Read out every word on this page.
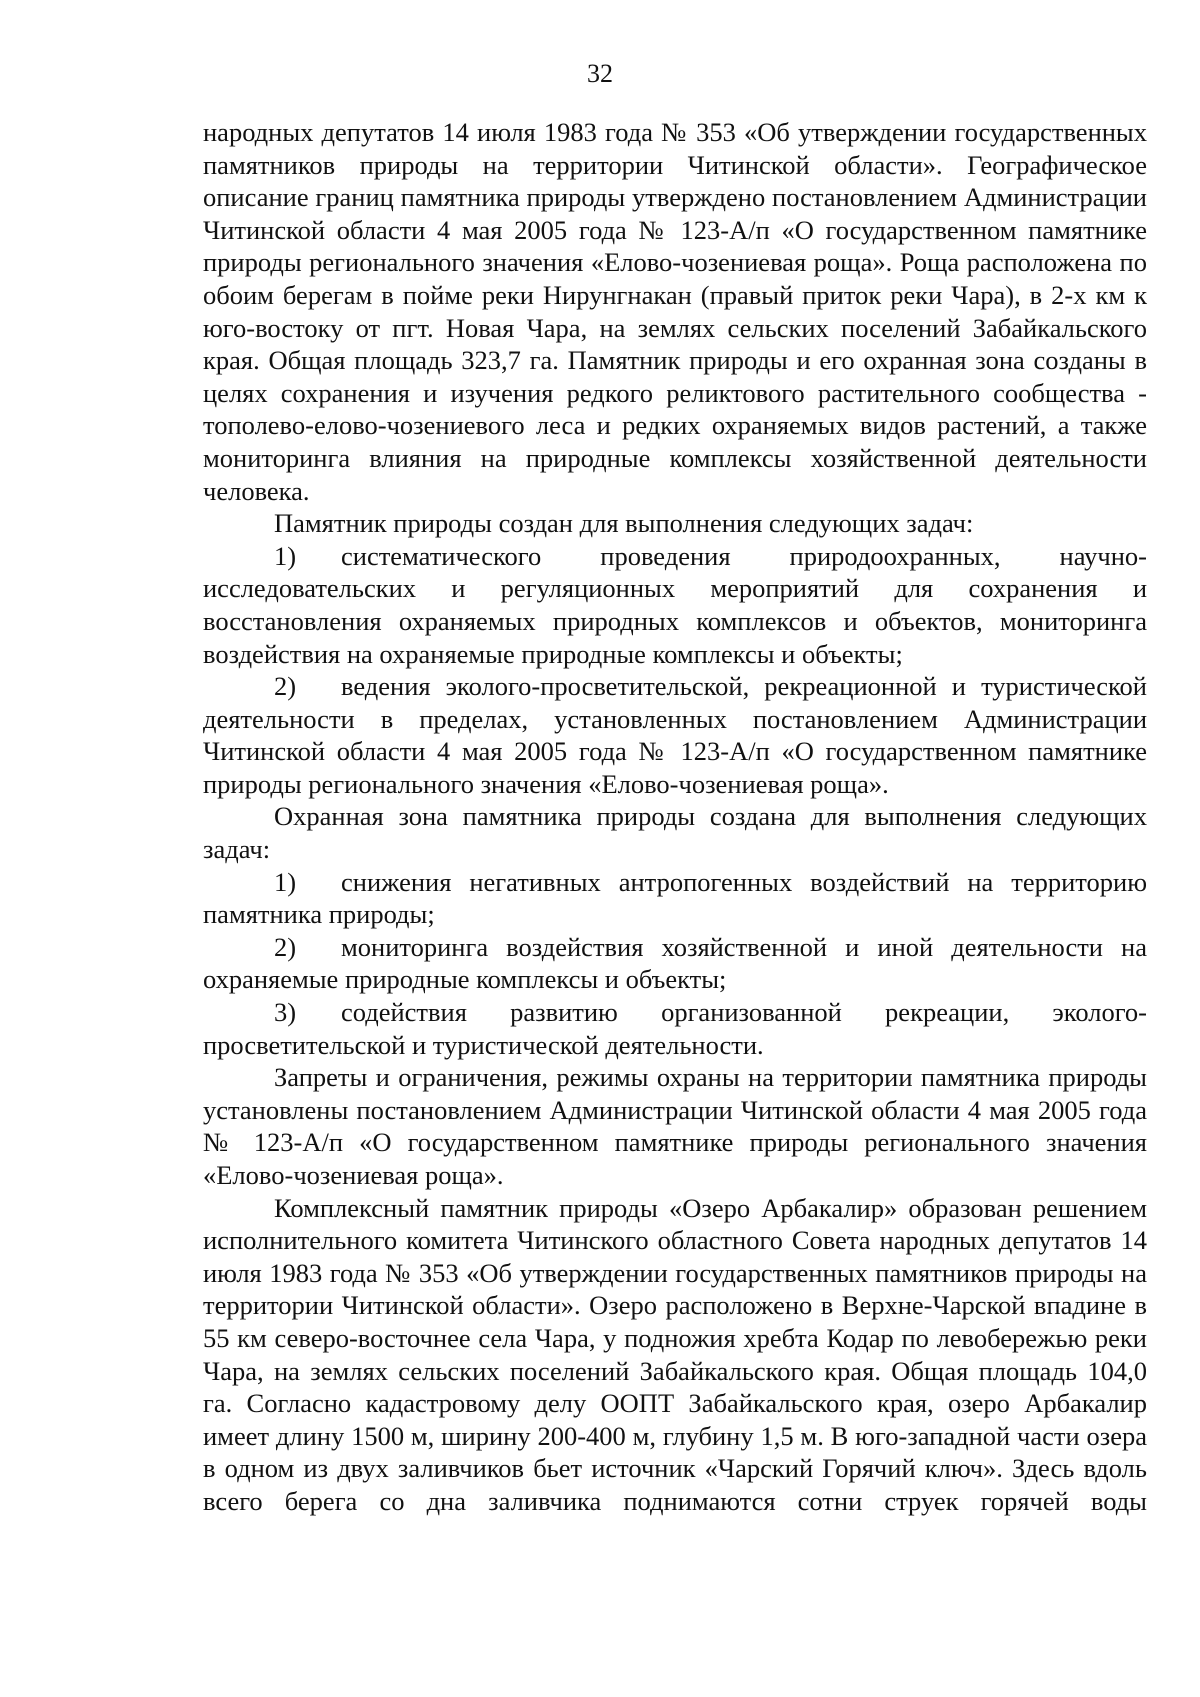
32

народных депутатов 14 июля 1983 года № 353 «Об утверждении государственных памятников природы на территории Читинской области». Географическое описание границ памятника природы утверждено постановлением Администрации Читинской области 4 мая 2005 года № 123-А/п «О государственном памятнике природы регионального значения «Елово-чозениевая роща». Роща расположена по обоим берегам в пойме реки Нирунгнакан (правый приток реки Чара), в 2-х км к юго-востоку от пгт. Новая Чара, на землях сельских поселений Забайкальского края. Общая площадь 323,7 га. Памятник природы и его охранная зона созданы в целях сохранения и изучения редкого реликтового растительного сообщества - тополево-елово-чозениевого леса и редких охраняемых видов растений, а также мониторинга влияния на природные комплексы хозяйственной деятельности человека.

Памятник природы создан для выполнения следующих задач:

1) систематического проведения природоохранных, научно-исследовательских и регуляционных мероприятий для сохранения и восстановления охраняемых природных комплексов и объектов, мониторинга воздействия на охраняемые природные комплексы и объекты;

2) ведения эколого-просветительской, рекреационной и туристической деятельности в пределах, установленных постановлением Администрации Читинской области 4 мая 2005 года № 123-А/п «О государственном памятнике природы регионального значения «Елово-чозениевая роща».

Охранная зона памятника природы создана для выполнения следующих задач:

1) снижения негативных антропогенных воздействий на территорию памятника природы;

2) мониторинга воздействия хозяйственной и иной деятельности на охраняемые природные комплексы и объекты;

3) содействия развитию организованной рекреации, эколого-просветительской и туристической деятельности.

Запреты и ограничения, режимы охраны на территории памятника природы установлены постановлением Администрации Читинской области 4 мая 2005 года № 123-А/п «О государственном памятнике природы регионального значения «Елово-чозениевая роща».

Комплексный памятник природы «Озеро Арбакалир» образован решением исполнительного комитета Читинского областного Совета народных депутатов 14 июля 1983 года № 353 «Об утверждении государственных памятников природы на территории Читинской области». Озеро расположено в Верхне-Чарской впадине в 55 км северо-восточнее села Чара, у подножия хребта Кодар по левобережью реки Чара, на землях сельских поселений Забайкальского края. Общая площадь 104,0 га. Согласно кадастровому делу ООПТ Забайкальского края, озеро Арбакалир имеет длину 1500 м, ширину 200-400 м, глубину 1,5 м. В юго-западной части озера в одном из двух заливчиков бьет источник «Чарский Горячий ключ». Здесь вдоль всего берега со дна заливчика поднимаются сотни струек горячей воды
